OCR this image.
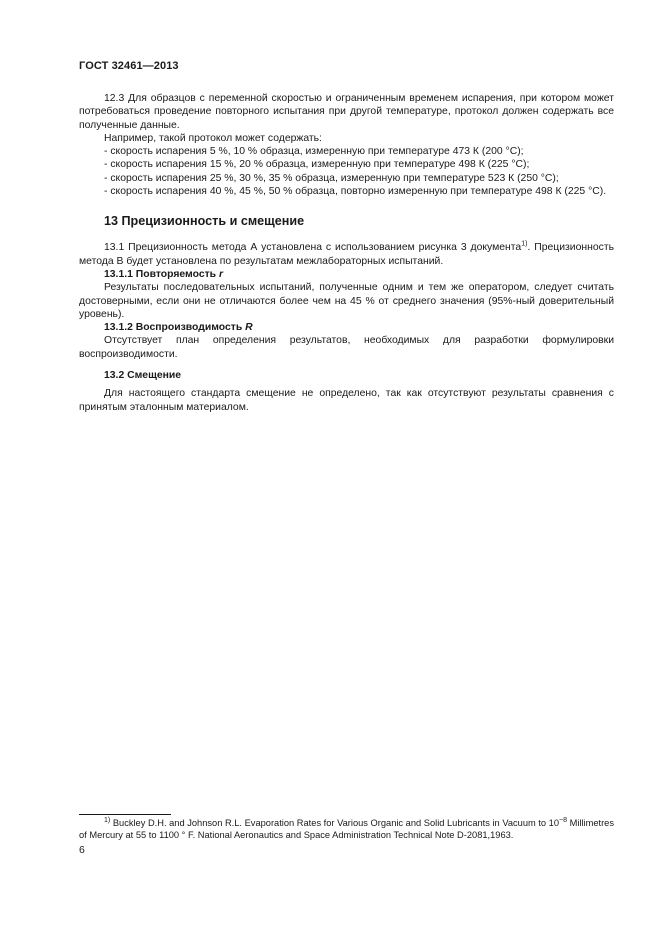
ГОСТ 32461—2013

12.3 Для образцов с переменной скоростью и ограниченным временем испарения, при котором может потребоваться проведение повторного испытания при другой температуре, протокол должен содержать все полученные данные.

Например, такой протокол может содержать:

- скорость испарения 5 %, 10 % образца, измеренную при температуре 473 К (200 °С);

- скорость испарения 15 %, 20 % образца, измеренную при температуре 498 К (225 °С);

- скорость испарения 25 %, 30 %, 35 % образца, измеренную при температуре 523 К (250 °С);

- скорость испарения 40 %, 45 %, 50 % образца, повторно измеренную при температуре 498 К (225 °С).

13 Прецизионность и смещение

13.1 Прецизионность метода А установлена с использованием рисунка 3 документа$^{1)}$. Прецизионность метода В будет установлена по результатам межлабораторных испытаний.

13.1.1 Повторяемость r

Результаты последовательных испытаний, полученные одним и тем же оператором, следует считать достоверными, если они не отличаются более чем на 45 % от среднего значения (95%-ный доверительный уровень).

13.1.2 Воспроизводимость R

Отсутствует план определения результатов, необходимых для разработки формулировки воспроизводимости.

13.2 Смещение

Для настоящего стандарта смещение не определено, так как отсутствуют результаты сравнения с принятым эталонным материалом.

$^{1)}$ Buckley D.H. and Johnson R.L. Evaporation Rates for Various Organic and Solid Lubricants in Vacuum to $10^{-8}$ Millimetres of Mercury at 55 to 1100 ° F. National Aeronautics and Space Administration Technical Note D-2081,1963.

6
